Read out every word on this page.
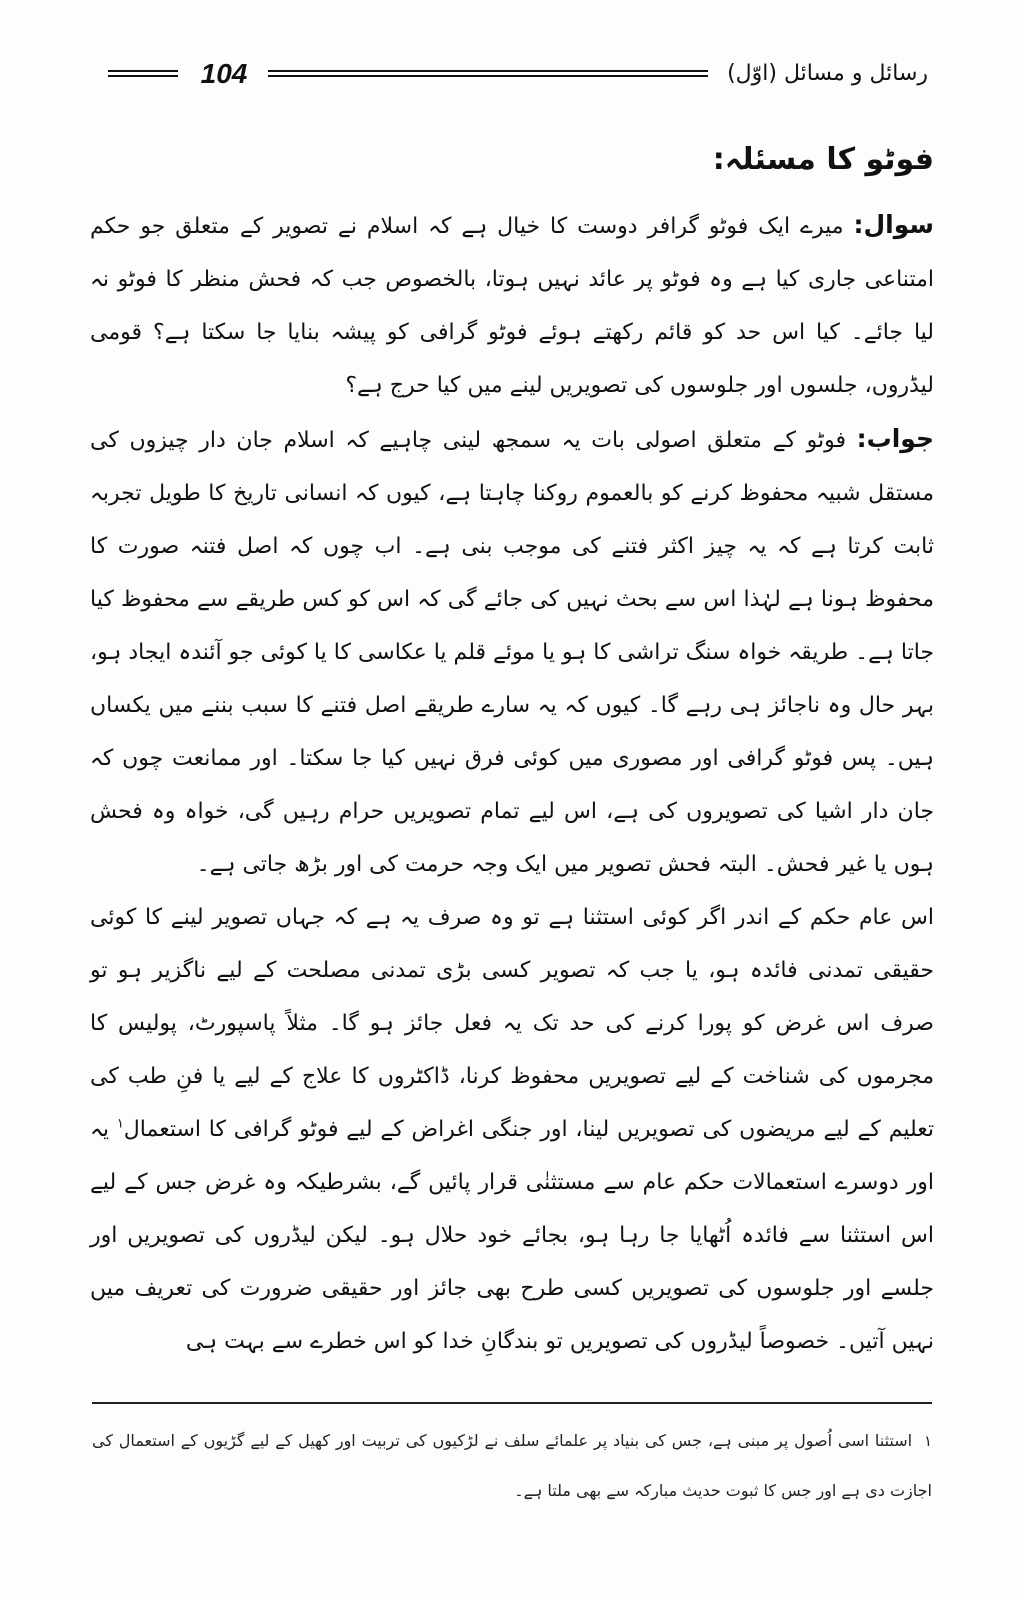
104	رسائل و مسائل (اوّل)
فوٹو کا مسئلہ:

سوال: میرے ایک فوٹو گرافر دوست کا خیال ہے کہ اسلام نے تصویر کے متعلق جو حکم امتناعی جاری کیا ہے وہ فوٹو پر عائد نہیں ہوتا، بالخصوص جب کہ فحش منظر کا فوٹو نہ لیا جائے۔ کیا اس حد کو قائم رکھتے ہوئے فوٹو گرافی کو پیشہ بنایا جا سکتا ہے؟ قومی لیڈروں، جلسوں اور جلوسوں کی تصویریں لینے میں کیا حرج ہے؟

جواب: فوٹو کے متعلق اصولی بات یہ سمجھ لینی چاہیے کہ اسلام جان دار چیزوں کی مستقل شبیہ محفوظ کرنے کو بالعموم روکنا چاہتا ہے، کیوں کہ انسانی تاریخ کا طویل تجربہ ثابت کرتا ہے کہ یہ چیز اکثر فتنے کی موجب بنی ہے۔ اب چوں کہ اصل فتنہ صورت کا محفوظ ہونا ہے لہٰذا اس سے بحث نہیں کی جائے گی کہ اس کو کس طریقے سے محفوظ کیا جاتا ہے۔ طریقہ خواہ سنگ تراشی کا ہو یا موئے قلم یا عکاسی کا یا کوئی جو آئندہ ایجاد ہو، بہر حال وہ ناجائز ہی رہے گا۔ کیوں کہ یہ سارے طریقے اصل فتنے کا سبب بننے میں یکساں ہیں۔ پس فوٹو گرافی اور مصوری میں کوئی فرق نہیں کیا جا سکتا۔ اور ممانعت چوں کہ جان دار اشیا کی تصویروں کی ہے، اس لیے تمام تصویریں حرام رہیں گی، خواہ وہ فحش ہوں یا غیر فحش۔ البتہ فحش تصویر میں ایک وجہ حرمت کی اور بڑھ جاتی ہے۔

اس عام حکم کے اندر اگر کوئی استثنا ہے تو وہ صرف یہ ہے کہ جہاں تصویر لینے کا کوئی حقیقی تمدنی فائدہ ہو، یا جب کہ تصویر کسی بڑی تمدنی مصلحت کے لیے ناگزیر ہو تو صرف اس غرض کو پورا کرنے کی حد تک یہ فعل جائز ہو گا۔ مثلاً پاسپورٹ، پولیس کا مجرموں کی شناخت کے لیے تصویریں محفوظ کرنا، ڈاکٹروں کا علاج کے لیے یا فنِ طب کی تعلیم کے لیے مریضوں کی تصویریں لینا، اور جنگی اغراض کے لیے فوٹو گرافی کا استعمال$^۱$ یہ اور دوسرے استعمالات حکم عام سے مستثنٰی قرار پائیں گے، بشرطیکہ وہ غرض جس کے لیے اس استثنا سے فائدہ اُٹھایا جا رہا ہو، بجائے خود حلال ہو۔ لیکن لیڈروں کی تصویریں اور جلسے اور جلوسوں کی تصویریں کسی طرح بھی جائز اور حقیقی ضرورت کی تعریف میں نہیں آتیں۔ خصوصاً لیڈروں کی تصویریں تو بندگانِ خدا کو اس خطرے سے بہت ہی

۱ استثنا اسی اُصول پر مبنی ہے، جس کی بنیاد پر علمائے سلف نے لڑکیوں کی تربیت اور کھیل کے لیے گڑیوں کے استعمال کی اجازت دی ہے اور جس کا ثبوت حدیث مبارکہ سے بھی ملتا ہے۔
